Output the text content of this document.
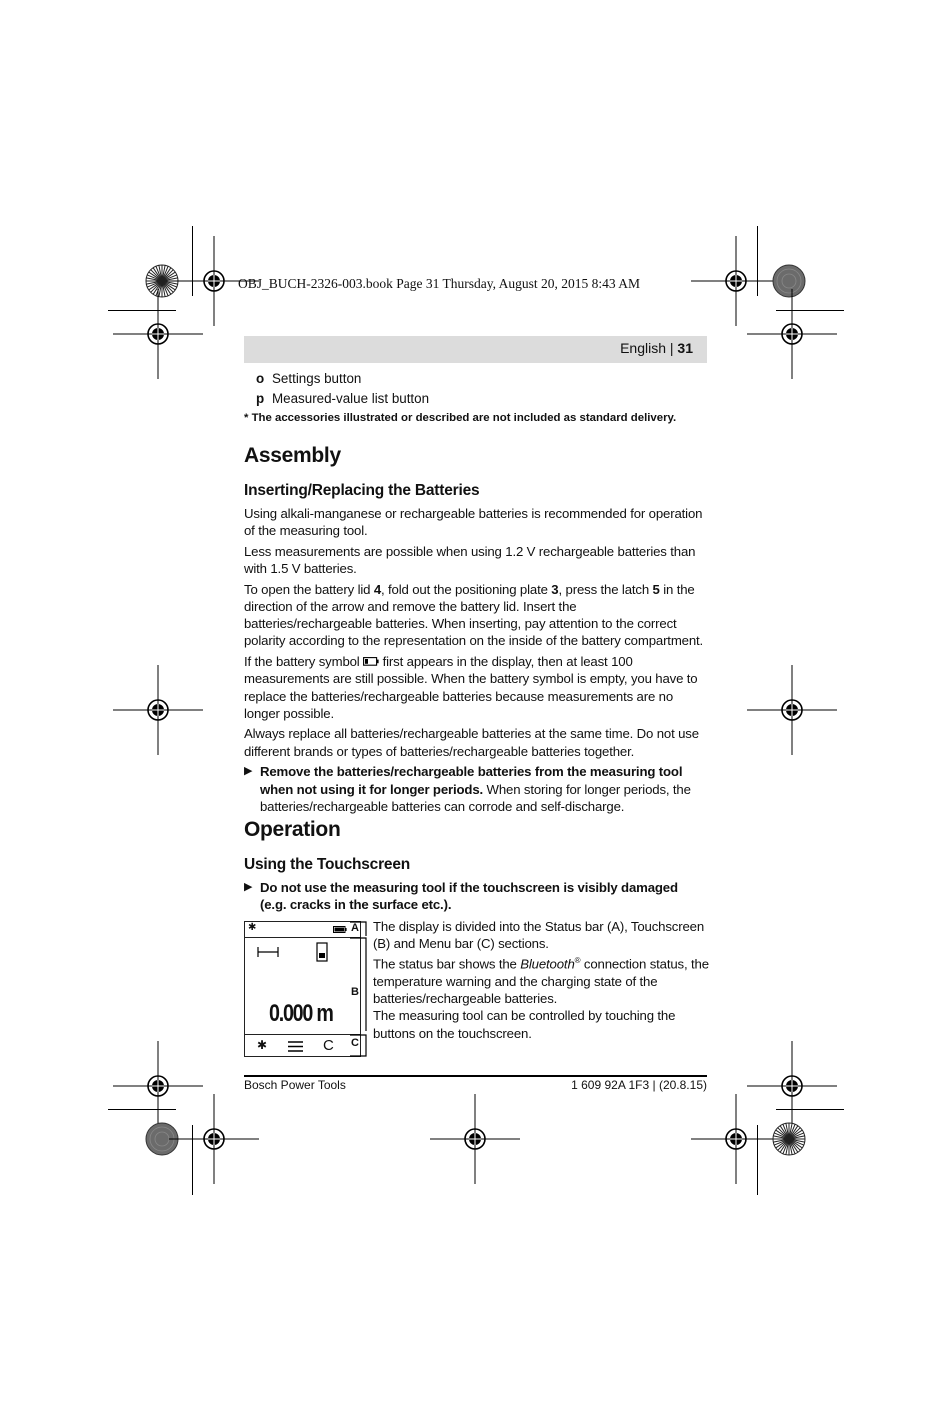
OBJ_BUCH-2326-003.book Page 31 Thursday, August 20, 2015 8:43 AM
English | 31
o Settings button
p Measured-value list button
* The accessories illustrated or described are not included as standard delivery.
Assembly
Inserting/Replacing the Batteries

Using alkali-manganese or rechargeable batteries is recommended for operation of the measuring tool.

Less measurements are possible when using 1.2 V rechargeable batteries than with 1.5 V batteries.

To open the battery lid 4, fold out the positioning plate 3, press the latch 5 in the direction of the arrow and remove the battery lid. Insert the batteries/rechargeable batteries. When inserting, pay attention to the correct polarity according to the representation on the inside of the battery compartment.

If the battery symbol  first appears in the display, then at least 100 measurements are still possible. When the battery symbol is empty, you have to replace the batteries/rechargeable batteries because measurements are no longer possible.

Always replace all batteries/rechargeable batteries at the same time. Do not use different brands or types of batteries/rechargeable batteries together.

▶ Remove the batteries/rechargeable batteries from the measuring tool when not using it for longer periods. When storing for longer periods, the batteries/rechargeable batteries can corrode and self-discharge.

Operation
Using the Touchscreen

▶ Do not use the measuring tool if the touchscreen is visibly damaged (e.g. cracks in the surface etc.).

✱
0.000 m
✱	C
A
B
C

The display is divided into the Status bar (A), Touchscreen (B) and Menu bar (C) sections.

The status bar shows the Bluetooth® connection status, the temperature warning and the charging state of the batteries/rechargeable batteries.

The measuring tool can be controlled by touching the buttons on the touchscreen.

Bosch Power Tools	1 609 92A 1F3 | (20.8.15)
